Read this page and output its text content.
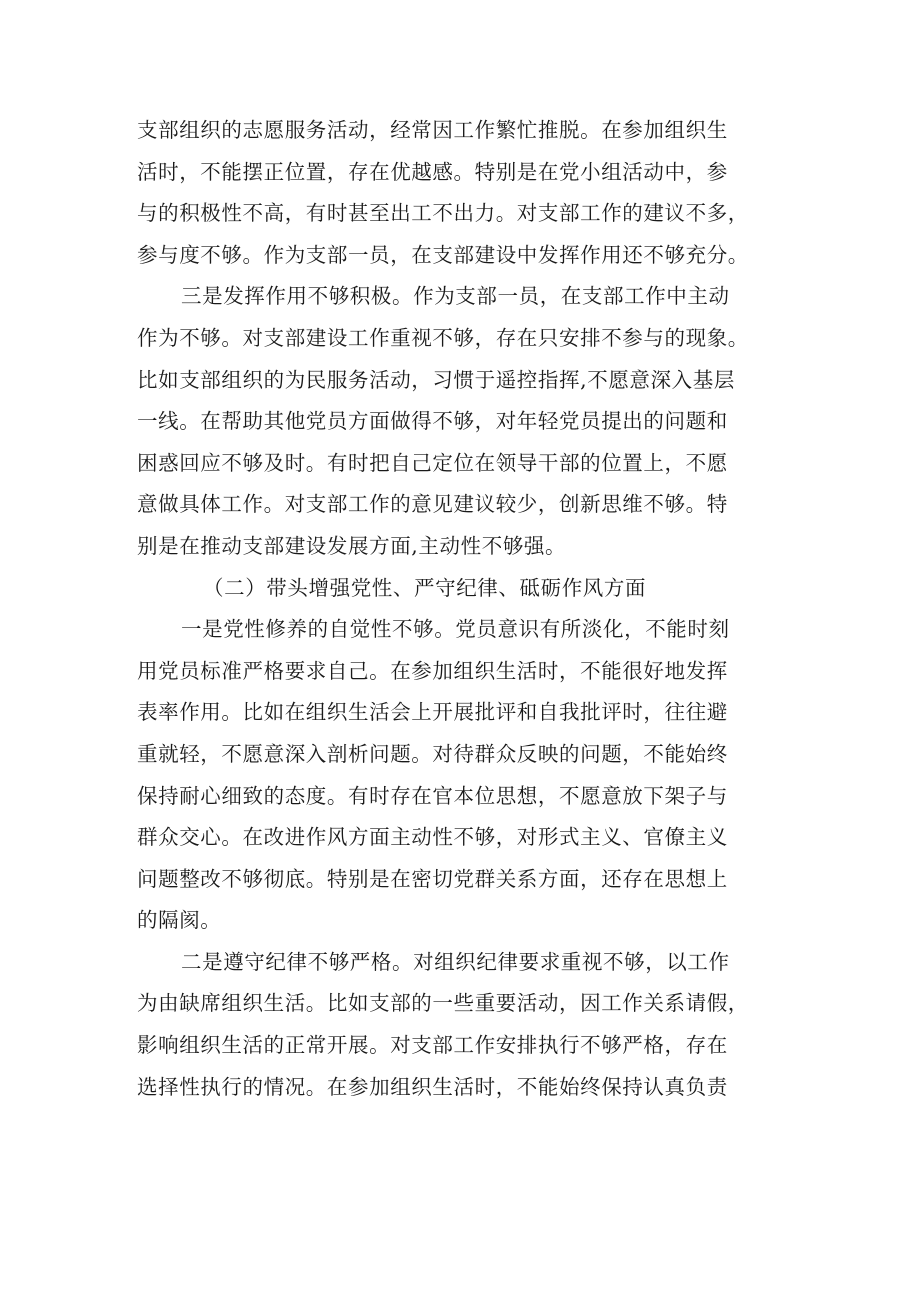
支部组织的志愿服务活动，经常因工作繁忙推脱。在参加组织生
活时，不能摆正位置，存在优越感。特别是在党小组活动中，参
与的积极性不高，有时甚至出工不出力。对支部工作的建议不多，
参与度不够。作为支部一员，在支部建设中发挥作用还不够充分。
三是发挥作用不够积极。作为支部一员，在支部工作中主动
作为不够。对支部建设工作重视不够，存在只安排不参与的现象。
比如支部组织的为民服务活动，习惯于遥控指挥,不愿意深入基层
一线。在帮助其他党员方面做得不够，对年轻党员提出的问题和
困惑回应不够及时。有时把自己定位在领导干部的位置上，不愿
意做具体工作。对支部工作的意见建议较少，创新思维不够。特
别是在推动支部建设发展方面,主动性不够强。
（二）带头增强党性、严守纪律、砥砺作风方面
一是党性修养的自觉性不够。党员意识有所淡化，不能时刻
用党员标准严格要求自己。在参加组织生活时，不能很好地发挥
表率作用。比如在组织生活会上开展批评和自我批评时，往往避
重就轻，不愿意深入剖析问题。对待群众反映的问题，不能始终
保持耐心细致的态度。有时存在官本位思想，不愿意放下架子与
群众交心。在改进作风方面主动性不够，对形式主义、官僚主义
问题整改不够彻底。特别是在密切党群关系方面，还存在思想上
的隔阂。
二是遵守纪律不够严格。对组织纪律要求重视不够，以工作
为由缺席组织生活。比如支部的一些重要活动，因工作关系请假，
影响组织生活的正常开展。对支部工作安排执行不够严格，存在
选择性执行的情况。在参加组织生活时，不能始终保持认真负责
